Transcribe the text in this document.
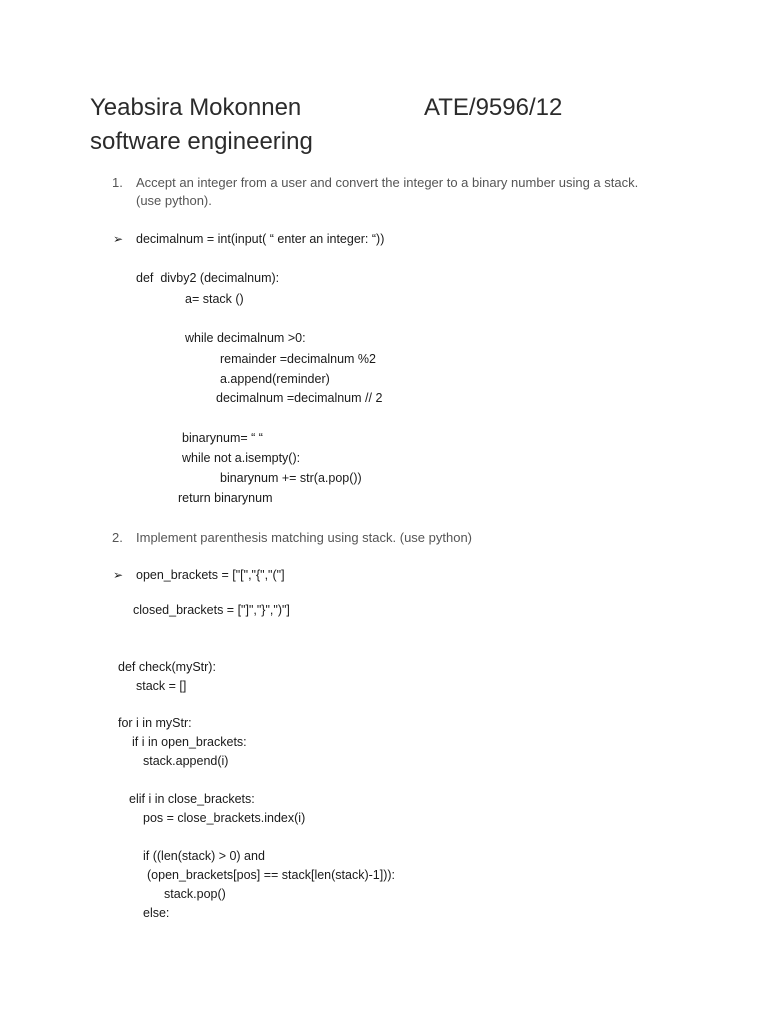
Yeabsira Mokonnen	ATE/9596/12
software engineering
1. Accept an integer from a user and convert the integer to a binary number using a stack.
(use python).
➢ decimalnum = int(input( “ enter an integer: “))
def  divby2 (decimalnum):
a= stack ()
while decimalnum >0:
remainder =decimalnum %2
a.append(reminder)
decimalnum =decimalnum // 2
binarynum= “ “
while not a.isempty():
binarynum += str(a.pop())
return binarynum
2. Implement parenthesis matching using stack. (use python)
➢ open_brackets = ["[","{","("]
closed_brackets = ["]","}",")"]
def check(myStr):
stack = []
for i in myStr:
if i in open_brackets:
stack.append(i)
elif i in close_brackets:
pos = close_brackets.index(i)
if ((len(stack) > 0) and
(open_brackets[pos] == stack[len(stack)-1])):
stack.pop()
else:
